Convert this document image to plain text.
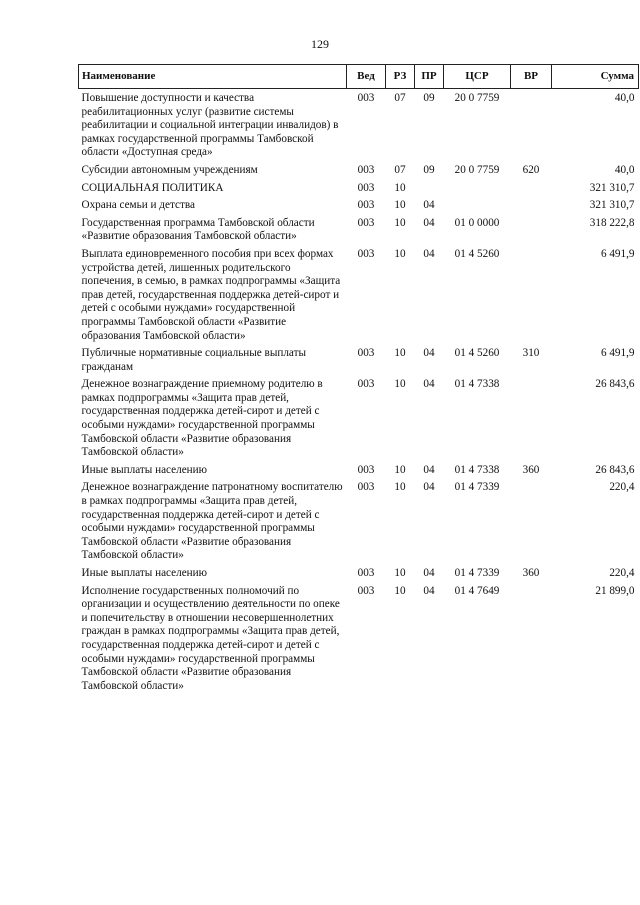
129
Наименование	Вед	РЗ	ПР	ЦСР	ВР	Сумма
Повышение доступности и качества реабилитационных услуг (развитие системы реабилитации и социальной интеграции инвалидов) в рамках государственной программы Тамбовской области «Доступная среда»	003	07	09	20 0 7759		40,0
Субсидии автономным учреждениям	003	07	09	20 0 7759	620	40,0
СОЦИАЛЬНАЯ ПОЛИТИКА	003	10				321 310,7
Охрана семьи и детства	003	10	04			321 310,7
Государственная программа Тамбовской области «Развитие образования Тамбовской области»	003	10	04	01 0 0000		318 222,8
Выплата единовременного пособия при всех формах устройства детей, лишенных родительского попечения, в семью, в рамках подпрограммы «Защита прав детей, государственная поддержка детей-сирот и детей с особыми нуждами» государственной программы Тамбовской области «Развитие образования Тамбовской области»	003	10	04	01 4 5260		6 491,9
Публичные нормативные социальные выплаты гражданам	003	10	04	01 4 5260	310	6 491,9
Денежное вознаграждение приемному родителю в рамках подпрограммы «Защита прав детей, государственная поддержка детей-сирот и детей с особыми нуждами» государственной программы Тамбовской области «Развитие образования Тамбовской области»	003	10	04	01 4 7338		26 843,6
Иные выплаты населению	003	10	04	01 4 7338	360	26 843,6
Денежное вознаграждение патронатному воспитателю в рамках подпрограммы «Защита прав детей, государственная поддержка детей-сирот и детей с особыми нуждами» государственной программы Тамбовской области «Развитие образования Тамбовской области»	003	10	04	01 4 7339		220,4
Иные выплаты населению	003	10	04	01 4 7339	360	220,4
Исполнение государственных полномочий по организации и осуществлению деятельности по опеке и попечительству в отношении несовершеннолетних граждан в рамках подпрограммы «Защита прав детей, государственная поддержка детей-сирот и детей с особыми нуждами» государственной программы Тамбовской области «Развитие образования Тамбовской области»	003	10	04	01 4 7649		21 899,0
